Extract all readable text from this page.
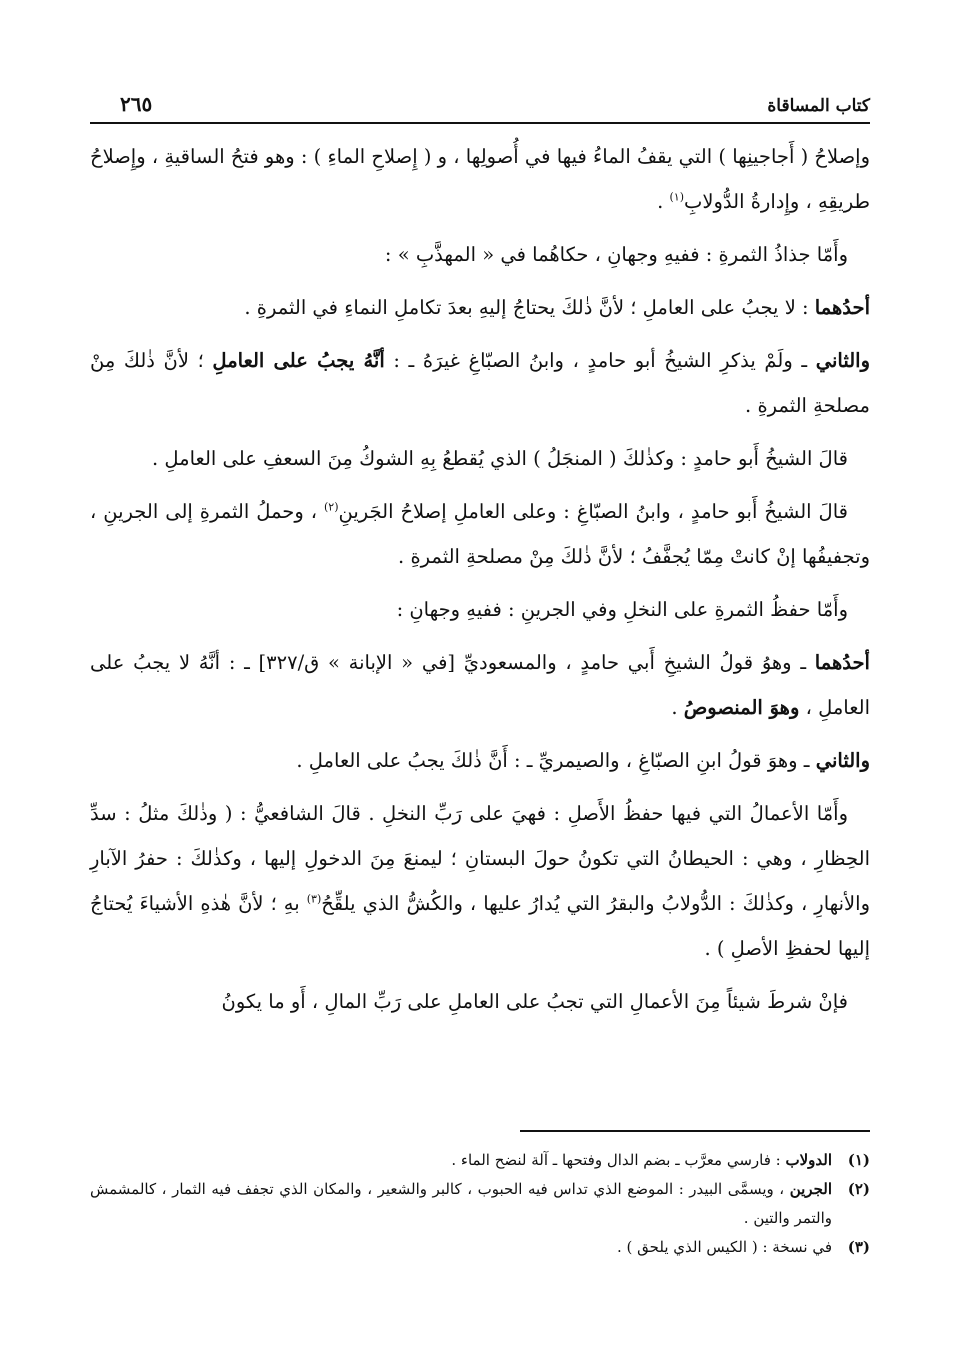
كتاب المساقاة
٢٦٥

وإصلاحُ ( أَجاجينِها ) التي يقفُ الماءُ فيها في أُصولِها ، و ( إِصلاحِ الماءِ ) : وهو فتحُ الساقيةِ ، وإِصلاحُ طريقِهِ ، وإِدارةُ الدُّولابِ$^{(١)}$ .

وأَمّا جذاذُ الثمرةِ : ففيهِ وجهانِ ، حكاهُما في « المهذَّبِ » :

أحدُهما : لا يجبُ على العاملِ ؛ لأنَّ ذٰلكَ يحتاجُ إليهِ بعدَ تكاملِ النماءِ في الثمرةِ .

والثاني ـ ولَمْ يذكرِ الشيخُ أبو حامدٍ ، وابنُ الصبّاغِ غيرَهُ ـ : أنَّهُ يجبُ على العاملِ ؛ لأنَّ ذٰلكَ مِنْ مصلحةِ الثمرةِ .

قالَ الشيخُ أَبو حامدٍ : وكذٰلكَ ( المنجَلُ ) الذي يُقطعُ بِهِ الشوكُ مِنَ السعفِ على العاملِ .

قالَ الشيخُ أَبو حامدٍ ، وابنُ الصبّاغِ : وعلى العاملِ إصلاحُ الجَرينِ$^{(٢)}$ ، وحملُ الثمرةِ إلى الجرينِ ، وتجفيفُها إنْ كانتْ مِمّا يُجفَّفُ ؛ لأنَّ ذٰلكَ مِنْ مصلحةِ الثمرةِ .

وأَمّا حفظُ الثمرةِ على النخلِ وفي الجرينِ : ففيهِ وجهانِ :

أحدُهما ـ وهوُ قولُ الشيخِ أَبي حامدٍ ، والمسعوديِّ [في « الإبانة » ق/٣٢٧] ـ : أنَّهُ لا يجبُ على العاملِ ، وهوَ المنصوصُ .

والثاني ـ وهوَ قولُ ابنِ الصبّاغِ ، والصيمريِّ ـ : أَنَّ ذٰلكَ يجبُ على العاملِ .

وأَمّا الأعمالُ التي فيها حفظُ الأَصلِ : فهيَ على رَبِّ النخلِ . قالَ الشافعيُّ : ( وذٰلكَ مثلُ : سدِّ الحِظارِ ، وهي : الحيطانُ التي تكونُ حولَ البستانِ ؛ ليمنعَ مِنَ الدخولِ إليها ، وكذٰلكَ : حفرُ الآبارِ والأنهارِ ، وكذٰلكَ : الدُّولابُ والبقرُ التي يُدارُ عليها ، والكُشُّ الذي يلقِّحُ$^{(٣)}$ بهِ ؛ لأنَّ هٰذهِ الأشياءَ يُحتاجُ إليها لحفظِ الأصلِ ) .

فإنْ شرطَ شيئاً مِنَ الأعمالِ التي تجبُ على العاملِ على رَبِّ المالِ ، أَو ما يكونُ

(١)
الدولاب : فارسي معرَّب ـ بضم الدال وفتحها ـ آلة لنضح الماء .
(٢)
الجرين ، ويسمَّى البيدر : الموضع الذي تداس فيه الحبوب ، كالبر والشعير ، والمكان الذي تجفف فيه الثمار ، كالمشمش والتمر والتين .
(٣)
في نسخة : ( الكيس الذي يلحق ) .
